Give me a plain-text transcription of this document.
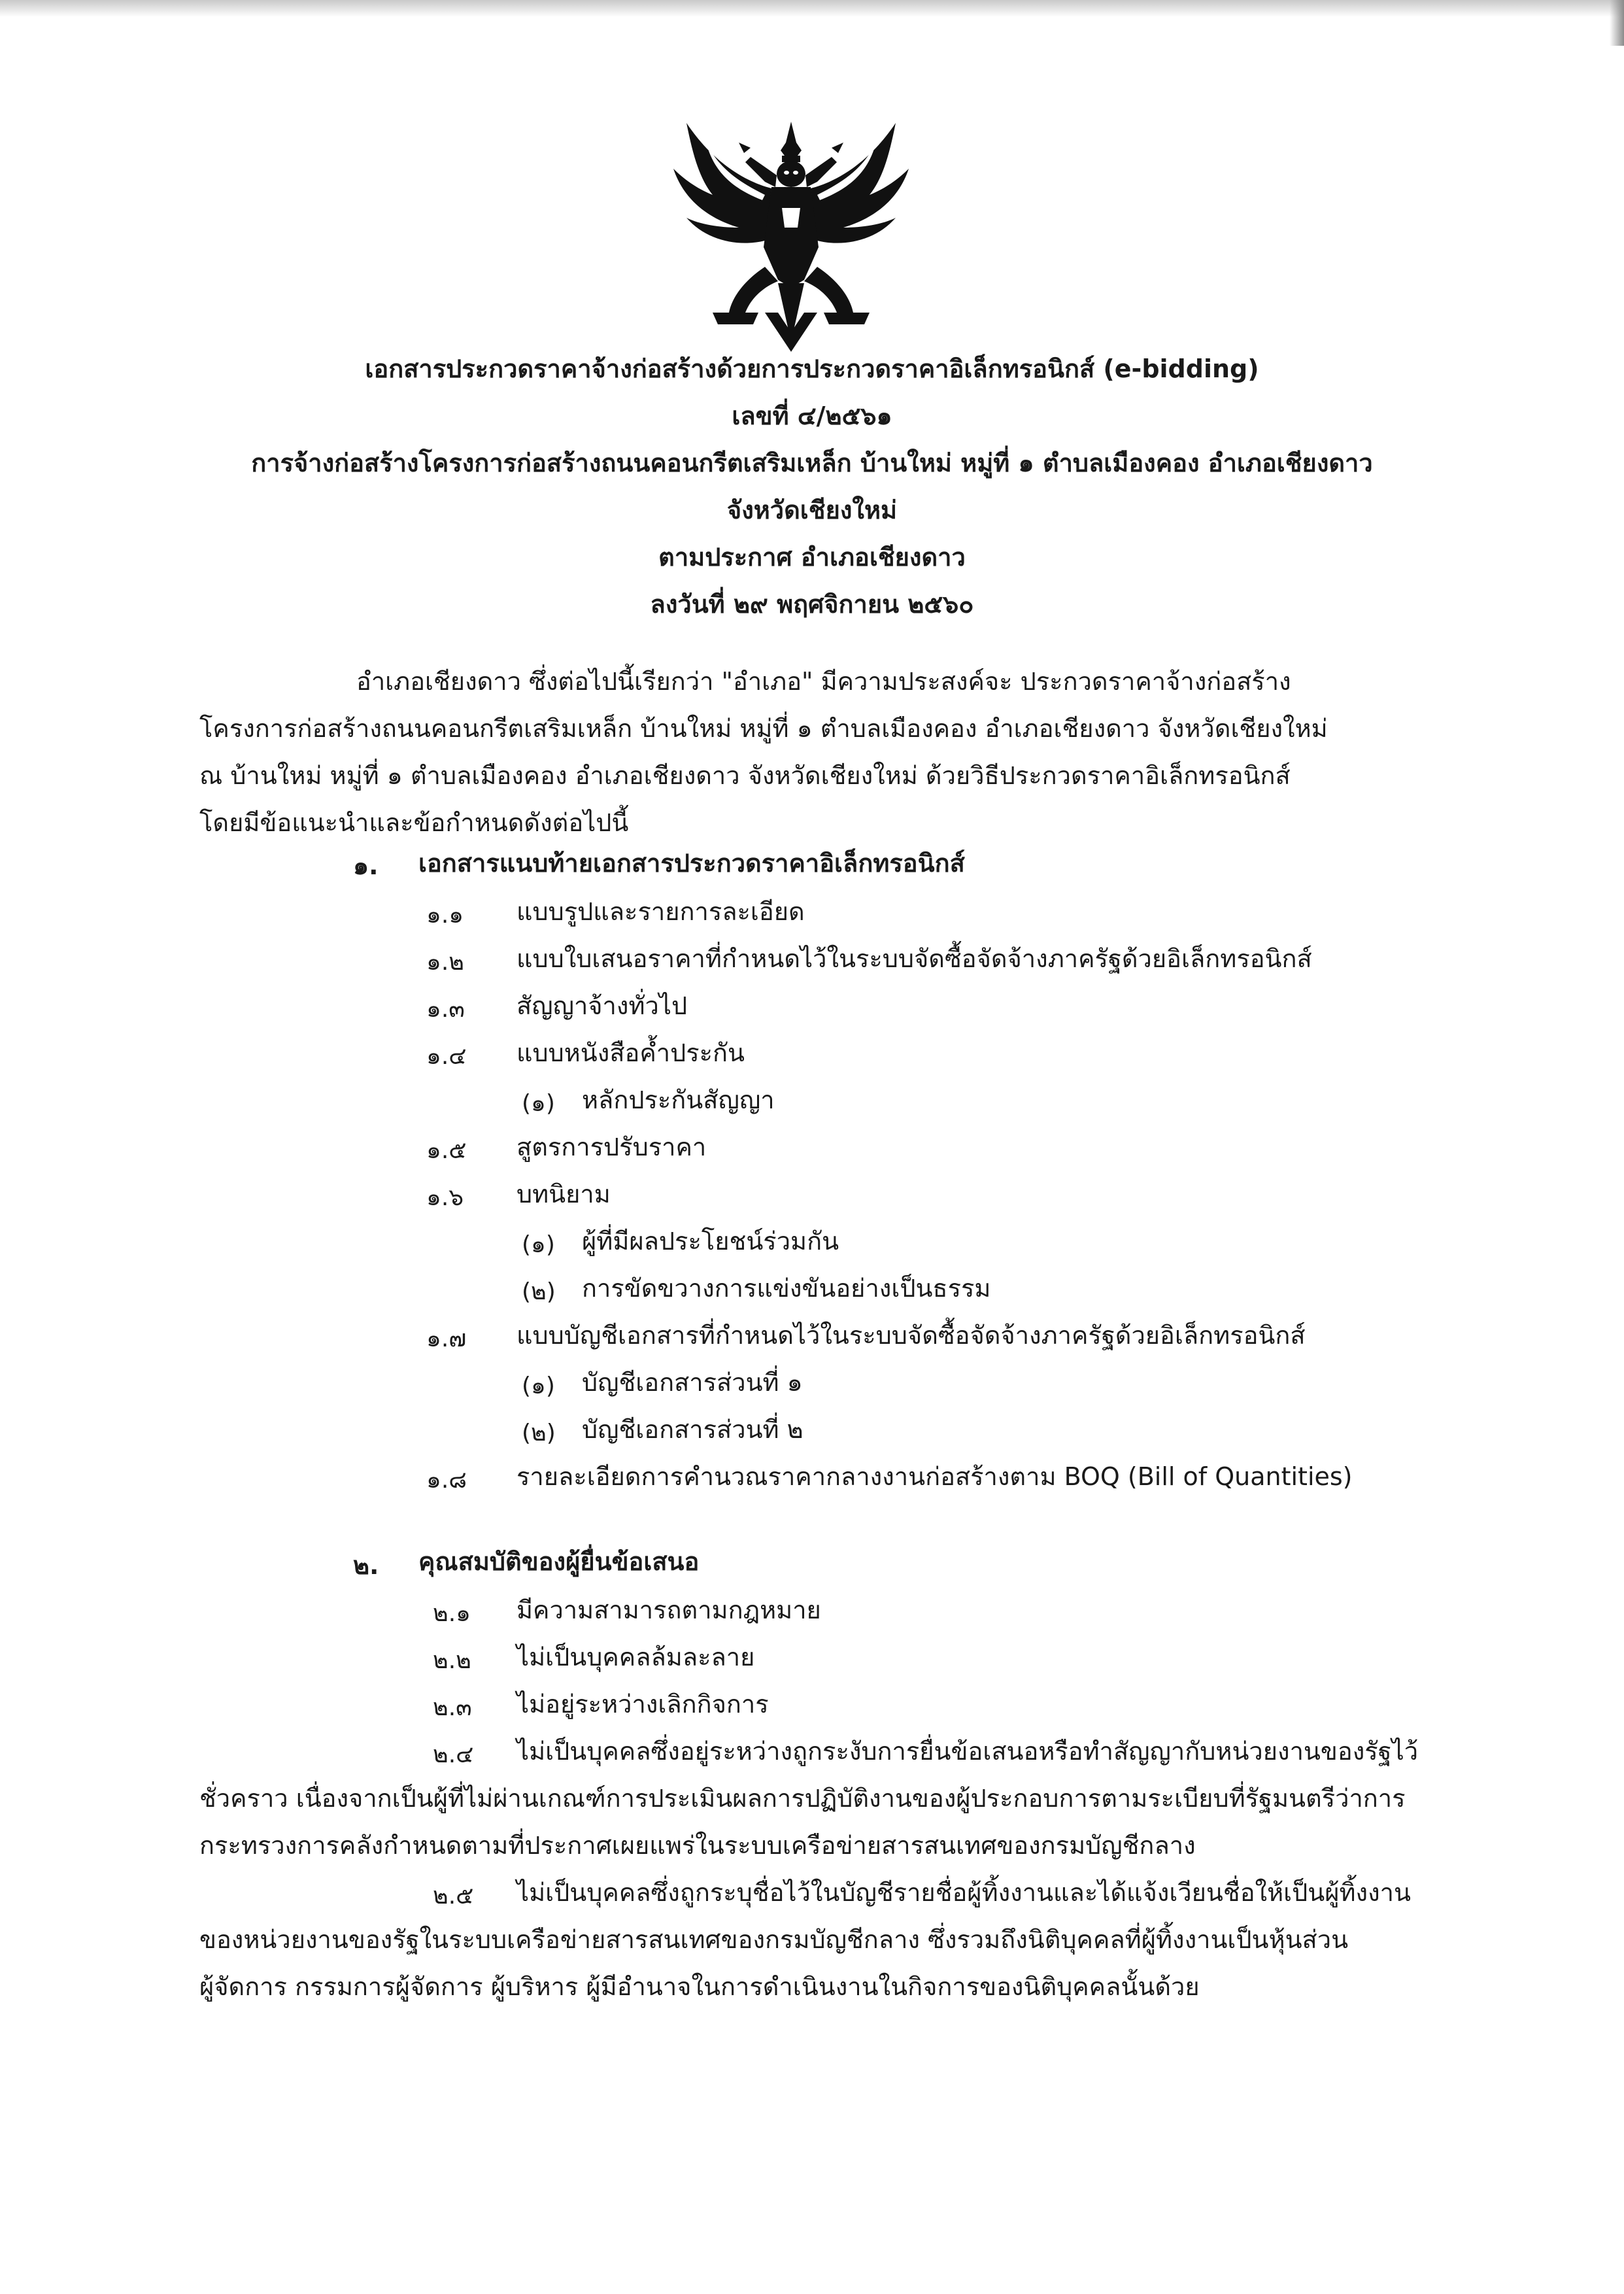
เอกสารประกวดราคาจ้างก่อสร้างด้วยการประกวดราคาอิเล็กทรอนิกส์ (e-bidding)
เลขที่ ๔/๒๕๖๑
การจ้างก่อสร้างโครงการก่อสร้างถนนคอนกรีตเสริมเหล็ก บ้านใหม่ หมู่ที่ ๑ ตำบลเมืองคอง อำเภอเชียงดาว
จังหวัดเชียงใหม่
ตามประกาศ อำเภอเชียงดาว
ลงวันที่ ๒๙ พฤศจิกายน ๒๕๖๐
อำเภอเชียงดาว ซึ่งต่อไปนี้เรียกว่า "อำเภอ" มีความประสงค์จะ ประกวดราคาจ้างก่อสร้าง
โครงการก่อสร้างถนนคอนกรีตเสริมเหล็ก บ้านใหม่ หมู่ที่ ๑ ตำบลเมืองคอง อำเภอเชียงดาว จังหวัดเชียงใหม่
ณ บ้านใหม่ หมู่ที่ ๑ ตำบลเมืองคอง อำเภอเชียงดาว จังหวัดเชียงใหม่ ด้วยวิธีประกวดราคาอิเล็กทรอนิกส์
โดยมีข้อแนะนำและข้อกำหนดดังต่อไปนี้
๑. เอกสารแนบท้ายเอกสารประกวดราคาอิเล็กทรอนิกส์
๑.๑ แบบรูปและรายการละเอียด
๑.๒ แบบใบเสนอราคาที่กำหนดไว้ในระบบจัดซื้อจัดจ้างภาครัฐด้วยอิเล็กทรอนิกส์
๑.๓ สัญญาจ้างทั่วไป
๑.๔ แบบหนังสือค้ำประกัน
(๑) หลักประกันสัญญา
๑.๕ สูตรการปรับราคา
๑.๖ บทนิยาม
(๑) ผู้ที่มีผลประโยชน์ร่วมกัน
(๒) การขัดขวางการแข่งขันอย่างเป็นธรรม
๑.๗ แบบบัญชีเอกสารที่กำหนดไว้ในระบบจัดซื้อจัดจ้างภาครัฐด้วยอิเล็กทรอนิกส์
(๑) บัญชีเอกสารส่วนที่ ๑
(๒) บัญชีเอกสารส่วนที่ ๒
๑.๘ รายละเอียดการคำนวณราคากลางงานก่อสร้างตาม BOQ (Bill of Quantities)
๒. คุณสมบัติของผู้ยื่นข้อเสนอ
๒.๑ มีความสามารถตามกฎหมาย
๒.๒ ไม่เป็นบุคคลล้มละลาย
๒.๓ ไม่อยู่ระหว่างเลิกกิจการ
๒.๔ ไม่เป็นบุคคลซึ่งอยู่ระหว่างถูกระงับการยื่นข้อเสนอหรือทำสัญญากับหน่วยงานของรัฐไว้
ชั่วคราว เนื่องจากเป็นผู้ที่ไม่ผ่านเกณฑ์การประเมินผลการปฏิบัติงานของผู้ประกอบการตามระเบียบที่รัฐมนตรีว่าการ
กระทรวงการคลังกำหนดตามที่ประกาศเผยแพร่ในระบบเครือข่ายสารสนเทศของกรมบัญชีกลาง
๒.๕ ไม่เป็นบุคคลซึ่งถูกระบุชื่อไว้ในบัญชีรายชื่อผู้ทิ้งงานและได้แจ้งเวียนชื่อให้เป็นผู้ทิ้งงาน
ของหน่วยงานของรัฐในระบบเครือข่ายสารสนเทศของกรมบัญชีกลาง ซึ่งรวมถึงนิติบุคคลที่ผู้ทิ้งงานเป็นหุ้นส่วน
ผู้จัดการ กรรมการผู้จัดการ ผู้บริหาร ผู้มีอำนาจในการดำเนินงานในกิจการของนิติบุคคลนั้นด้วย
